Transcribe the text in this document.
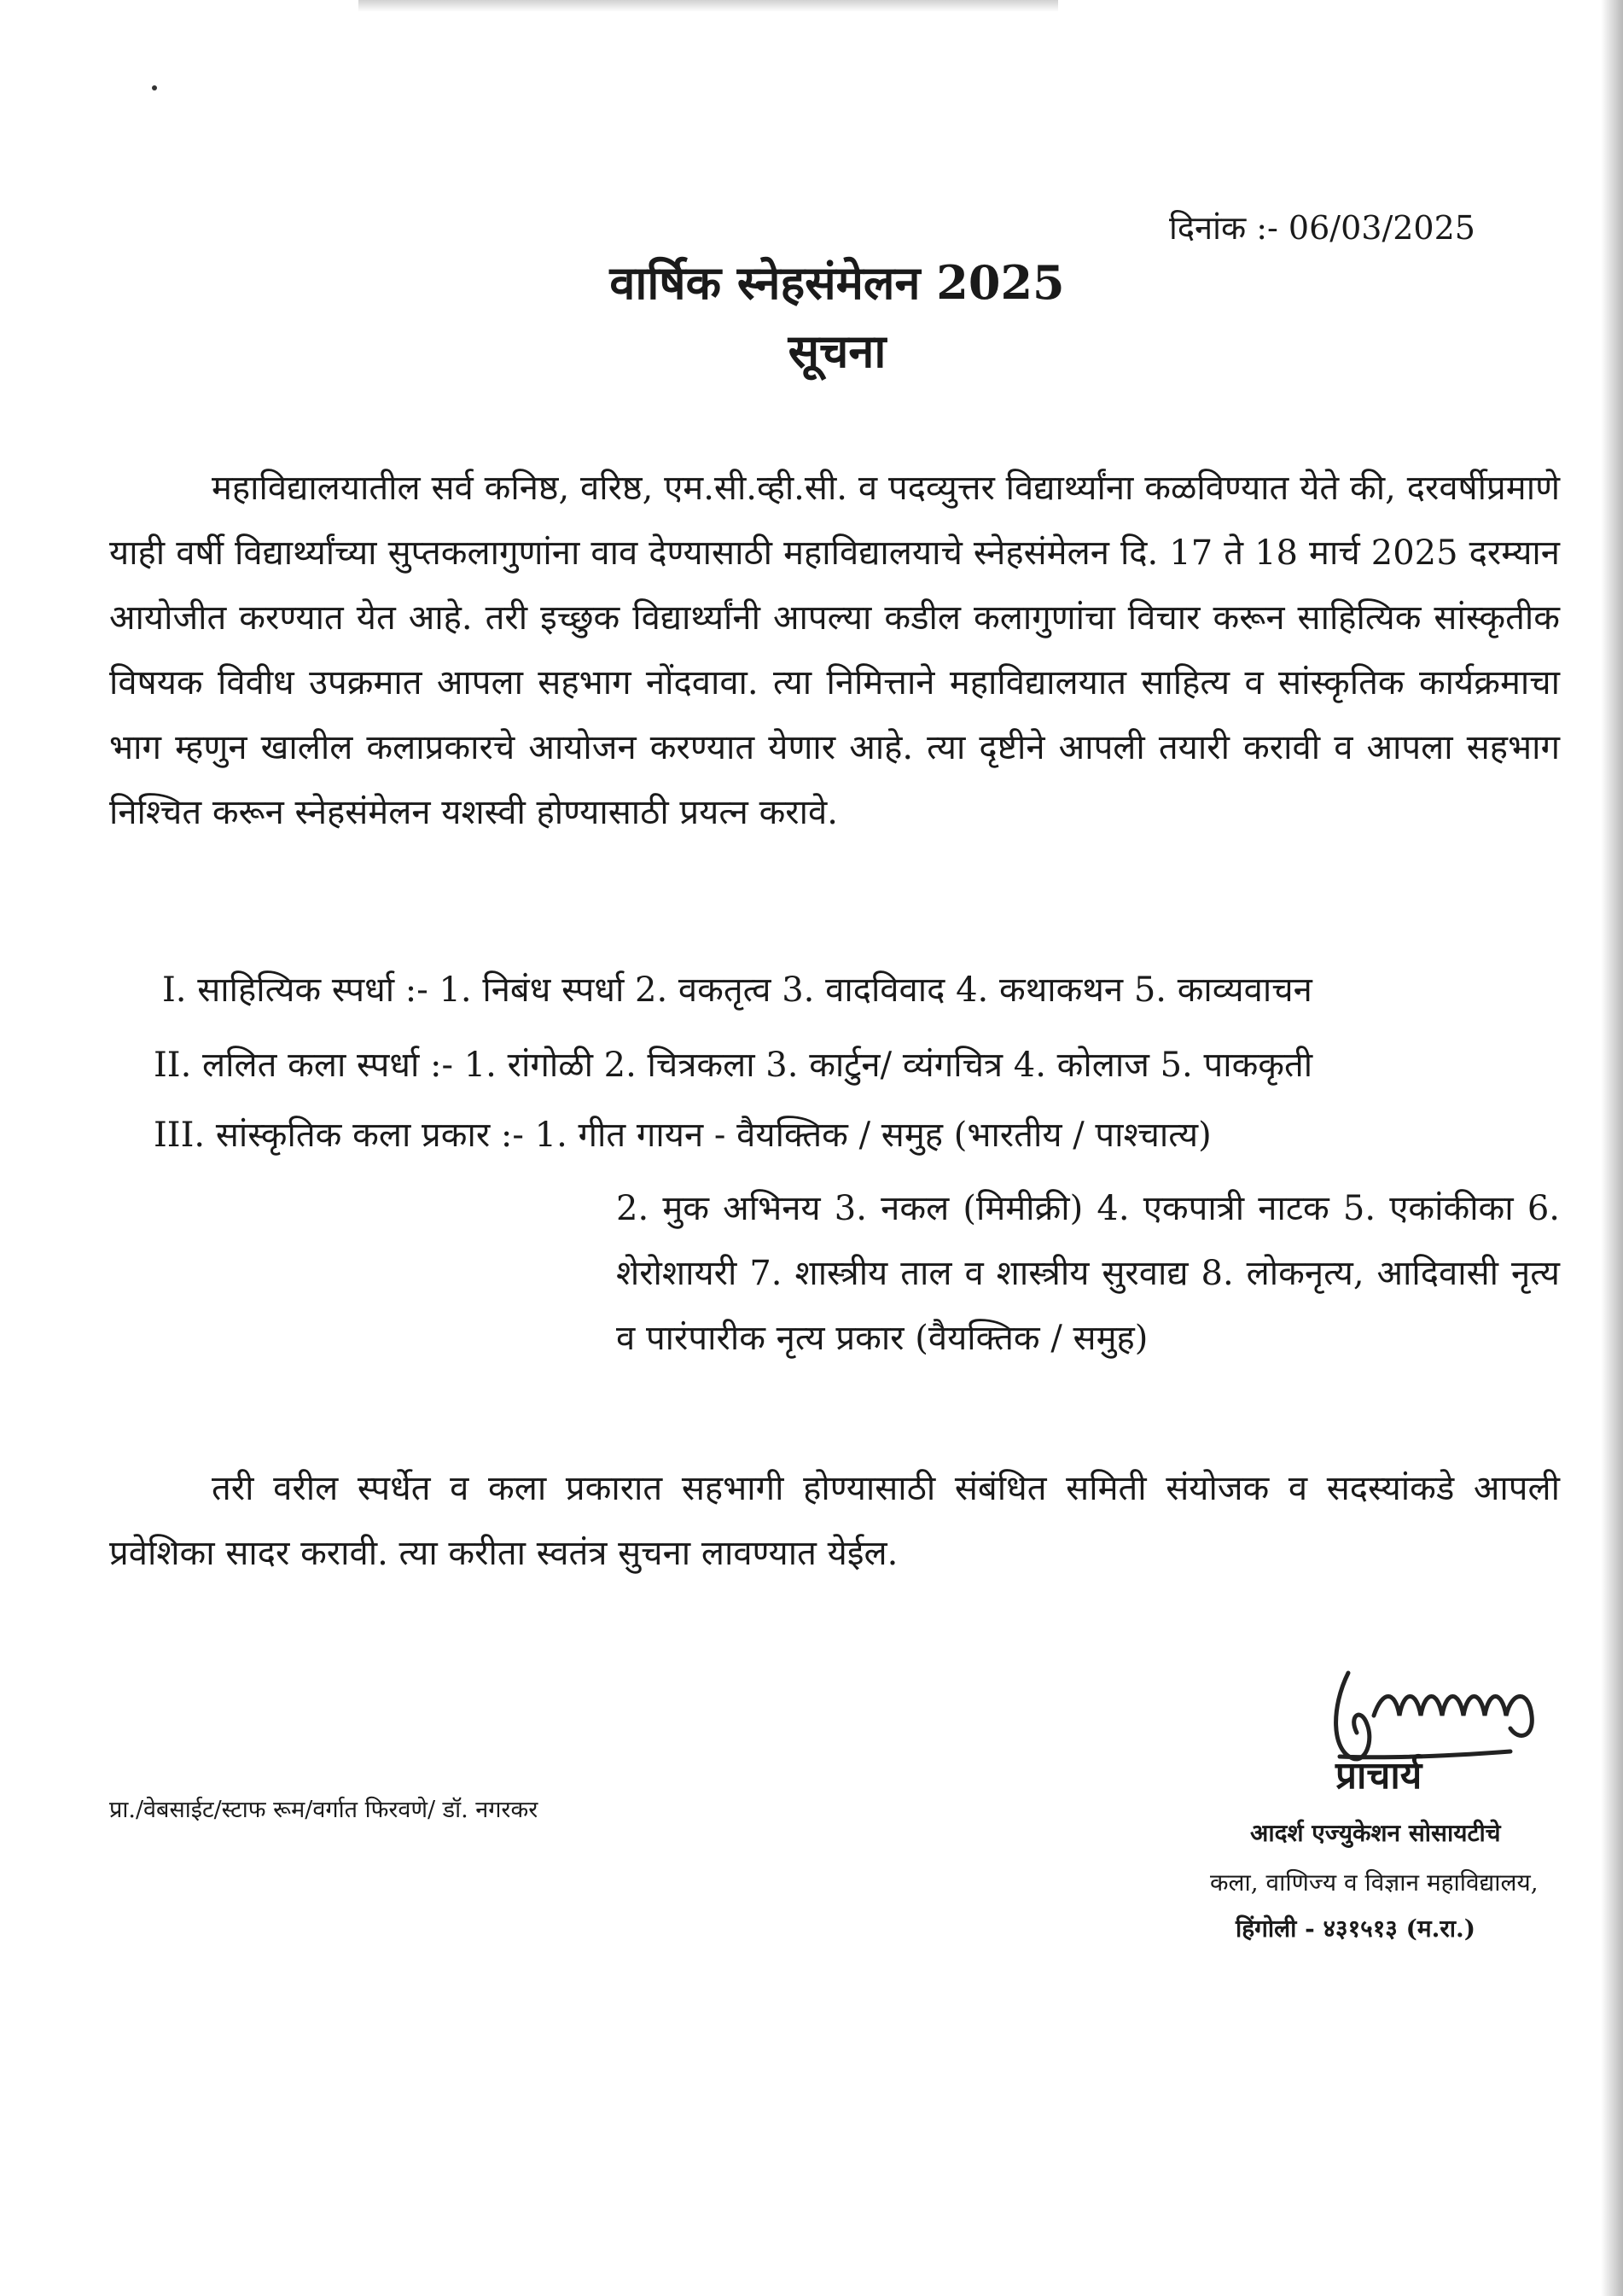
दिनांक :- 06/03/2025
वार्षिक स्नेहसंमेलन 2025
सूचना
महाविद्यालयातील सर्व कनिष्ठ, वरिष्ठ, एम.सी.व्ही.सी. व पदव्युत्तर विद्यार्थ्यांना कळविण्यात येते की, दरवर्षीप्रमाणे याही वर्षी विद्यार्थ्यांच्या सुप्तकलागुणांना वाव देण्यासाठी महाविद्यालयाचे स्नेहसंमेलन दि. 17 ते 18 मार्च 2025 दरम्यान आयोजीत करण्यात येत आहे. तरी इच्छुक विद्यार्थ्यांनी आपल्या कडील कलागुणांचा विचार करून साहित्यिक सांस्कृतीक विषयक विवीध उपक्रमात आपला सहभाग नोंदवावा. त्या निमित्ताने महाविद्यालयात साहित्य व सांस्कृतिक कार्यक्रमाचा भाग म्हणुन खालील कलाप्रकारचे आयोजन करण्यात येणार आहे. त्या दृष्टीने आपली तयारी करावी व आपला सहभाग निश्चित करून स्नेहसंमेलन यशस्वी होण्यासाठी प्रयत्न करावे.
I. साहित्यिक स्पर्धा :- 1. निबंध स्पर्धा 2. वकतृत्व 3. वादविवाद 4. कथाकथन 5. काव्यवाचन
II. ललित कला स्पर्धा :- 1. रांगोळी 2. चित्रकला 3. कार्टुन/ व्यंगचित्र 4. कोलाज 5. पाककृती
III. सांस्कृतिक कला प्रकार :- 1. गीत गायन - वैयक्तिक / समुह (भारतीय / पाश्चात्य)
2. मुक अभिनय 3. नकल (मिमीक्री) 4. एकपात्री नाटक 5. एकांकीका 6. शेरोशायरी 7. शास्त्रीय ताल व शास्त्रीय सुरवाद्य 8. लोकनृत्य, आदिवासी नृत्य व पारंपारीक नृत्य प्रकार (वैयक्तिक / समुह)
तरी वरील स्पर्धेत व कला प्रकारात सहभागी होण्यासाठी संबंधित समिती संयोजक व सदस्यांकडे आपली प्रवेशिका सादर करावी. त्या करीता स्वतंत्र सुचना लावण्यात येईल.
प्रा./वेबसाईट/स्टाफ रूम/वर्गात फिरवणे/ डॉ. नगरकर
प्राचार्य
आदर्श एज्युकेशन सोसायटीचे
कला, वाणिज्य व विज्ञान महाविद्यालय,
हिंगोली - ४३१५१३ (म.रा.)
